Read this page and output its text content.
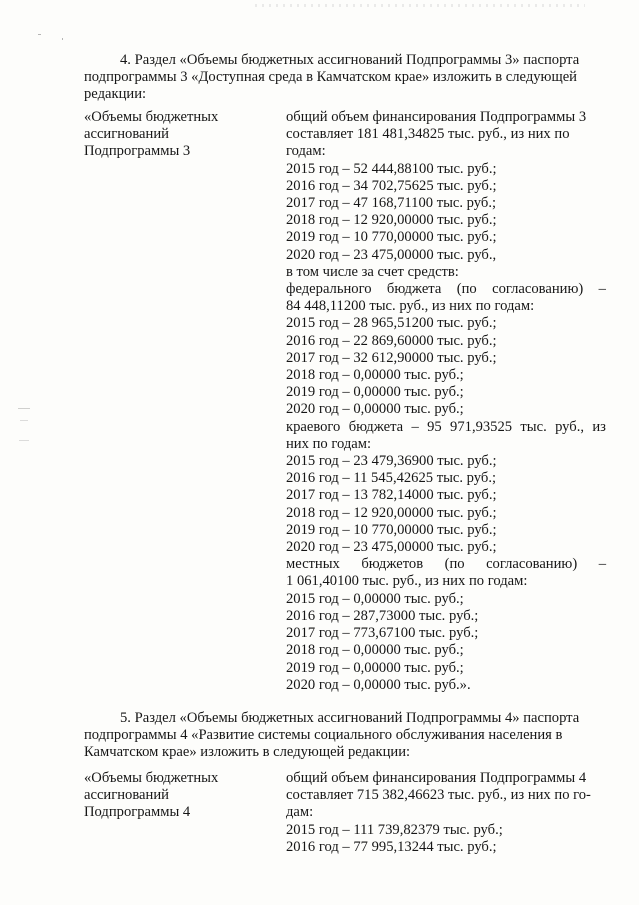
4. Раздел «Объемы бюджетных ассигнований Подпрограммы 3» паспорта
подпрограммы 3 «Доступная среда в Камчатском крае» изложить в следующей
редакции:
«Объемы бюджетных
ассигнований
Подпрограммы 3
общий объем финансирования Подпрограммы 3
составляет 181 481,34825 тыс. руб., из них по
годам:
2015 год – 52 444,88100 тыс. руб.;
2016 год – 34 702,75625 тыс. руб.;
2017 год – 47 168,71100 тыс. руб.;
2018 год – 12 920,00000 тыс. руб.;
2019 год – 10 770,00000 тыс. руб.;
2020 год – 23 475,00000 тыс. руб.,
в том числе за счет средств:
федерального бюджета (по согласованию) –
84 448,11200 тыс. руб., из них по годам:
2015 год – 28 965,51200 тыс. руб.;
2016 год – 22 869,60000 тыс. руб.;
2017 год – 32 612,90000 тыс. руб.;
2018 год – 0,00000 тыс. руб.;
2019 год – 0,00000 тыс. руб.;
2020 год – 0,00000 тыс. руб.;
краевого бюджета – 95 971,93525 тыс. руб., из
них по годам:
2015 год – 23 479,36900 тыс. руб.;
2016 год – 11 545,42625 тыс. руб.;
2017 год – 13 782,14000 тыс. руб.;
2018 год – 12 920,00000 тыс. руб.;
2019 год – 10 770,00000 тыс. руб.;
2020 год – 23 475,00000 тыс. руб.;
местных бюджетов (по согласованию) –
1 061,40100 тыс. руб., из них по годам:
2015 год – 0,00000 тыс. руб.;
2016 год – 287,73000 тыс. руб.;
2017 год – 773,67100 тыс. руб.;
2018 год – 0,00000 тыс. руб.;
2019 год – 0,00000 тыс. руб.;
2020 год – 0,00000 тыс. руб.».
5. Раздел «Объемы бюджетных ассигнований Подпрограммы 4» паспорта
подпрограммы 4 «Развитие системы социального обслуживания населения в
Камчатском крае» изложить в следующей редакции:
«Объемы бюджетных
ассигнований
Подпрограммы 4
общий объем финансирования Подпрограммы 4
составляет 715 382,46623 тыс. руб., из них по го-
дам:
2015 год – 111 739,82379 тыс. руб.;
2016 год – 77 995,13244 тыс. руб.;
